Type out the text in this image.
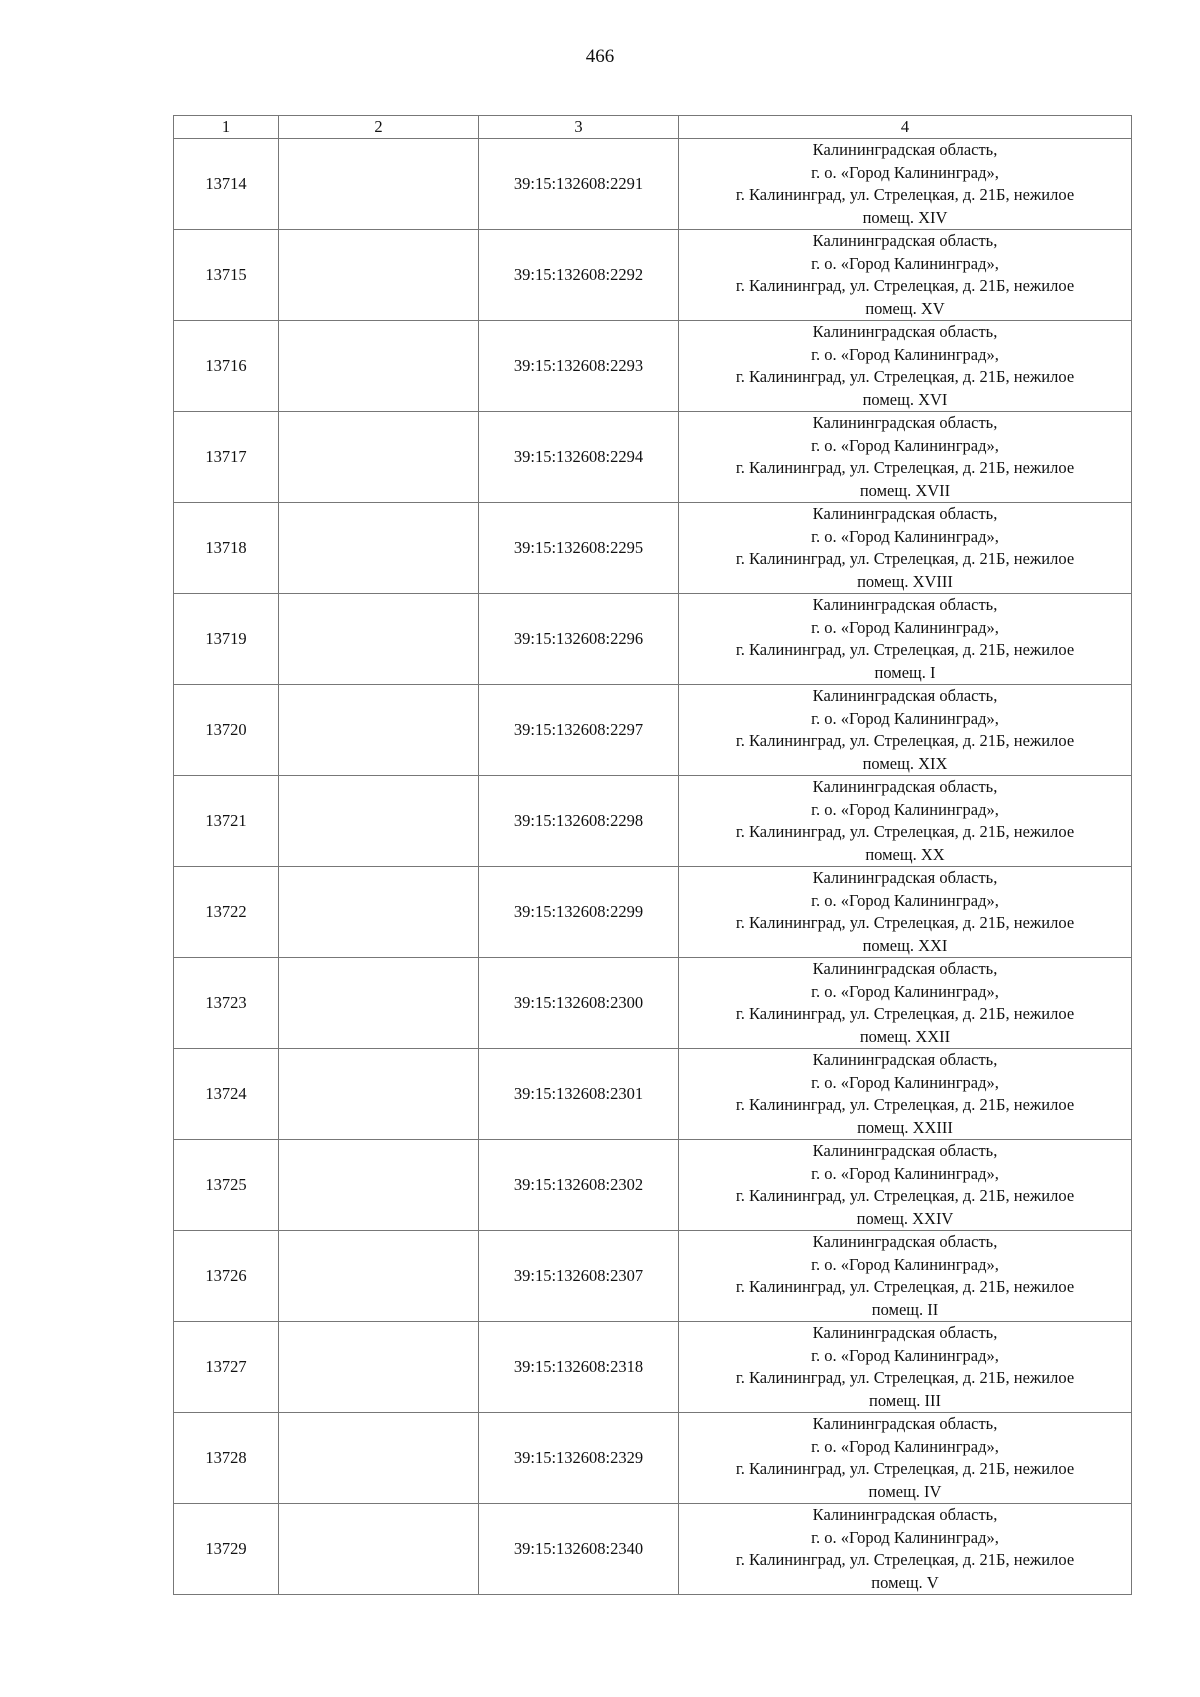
466
1	2	3	4
13714		39:15:132608:2291	Калининградская область,
г. о. «Город Калининград»,
г. Калининград, ул. Стрелецкая, д. 21Б, нежилое
помещ. XIV

13715		39:15:132608:2292	Калининградская область,
г. о. «Город Калининград»,
г. Калининград, ул. Стрелецкая, д. 21Б, нежилое
помещ. XV

13716		39:15:132608:2293	Калининградская область,
г. о. «Город Калининград»,
г. Калининград, ул. Стрелецкая, д. 21Б, нежилое
помещ. XVI

13717		39:15:132608:2294	Калининградская область,
г. о. «Город Калининград»,
г. Калининград, ул. Стрелецкая, д. 21Б, нежилое
помещ. XVII

13718		39:15:132608:2295	Калининградская область,
г. о. «Город Калининград»,
г. Калининград, ул. Стрелецкая, д. 21Б, нежилое
помещ. XVIII

13719		39:15:132608:2296	Калининградская область,
г. о. «Город Калининград»,
г. Калининград, ул. Стрелецкая, д. 21Б, нежилое
помещ. I

13720		39:15:132608:2297	Калининградская область,
г. о. «Город Калининград»,
г. Калининград, ул. Стрелецкая, д. 21Б, нежилое
помещ. XIX

13721		39:15:132608:2298	Калининградская область,
г. о. «Город Калининград»,
г. Калининград, ул. Стрелецкая, д. 21Б, нежилое
помещ. XX

13722		39:15:132608:2299	Калининградская область,
г. о. «Город Калининград»,
г. Калининград, ул. Стрелецкая, д. 21Б, нежилое
помещ. XXI

13723		39:15:132608:2300	Калининградская область,
г. о. «Город Калининград»,
г. Калининград, ул. Стрелецкая, д. 21Б, нежилое
помещ. XXII

13724		39:15:132608:2301	Калининградская область,
г. о. «Город Калининград»,
г. Калининград, ул. Стрелецкая, д. 21Б, нежилое
помещ. XXIII

13725		39:15:132608:2302	Калининградская область,
г. о. «Город Калининград»,
г. Калининград, ул. Стрелецкая, д. 21Б, нежилое
помещ. XXIV

13726		39:15:132608:2307	Калининградская область,
г. о. «Город Калининград»,
г. Калининград, ул. Стрелецкая, д. 21Б, нежилое
помещ. II

13727		39:15:132608:2318	Калининградская область,
г. о. «Город Калининград»,
г. Калининград, ул. Стрелецкая, д. 21Б, нежилое
помещ. III

13728		39:15:132608:2329	Калининградская область,
г. о. «Город Калининград»,
г. Калининград, ул. Стрелецкая, д. 21Б, нежилое
помещ. IV

13729		39:15:132608:2340	Калининградская область,
г. о. «Город Калининград»,
г. Калининград, ул. Стрелецкая, д. 21Б, нежилое
помещ. V
